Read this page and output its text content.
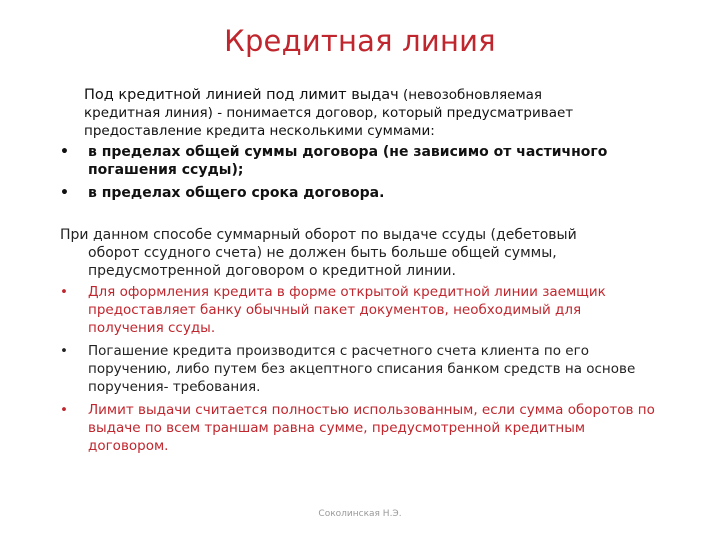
Кредитная линия
Под кредитной линией под лимит выдач (невозобновляемая
кредитная линия) - понимается договор, который предусматривает
предоставление кредита несколькими суммами:
• в пределах общей суммы договора (не зависимо от частичного погашения ссуды);
• в пределах общего срока договора.
При данном способе суммарный оборот по выдаче ссуды (дебетовый
оборот ссудного счета) не должен быть больше общей суммы, предусмотренной договором о кредитной линии.
• Для оформления кредита в форме открытой кредитной линии заемщик предоставляет банку обычный пакет документов, необходимый для получения ссуды.
• Погашение кредита производится с расчетного счета клиента по его поручению, либо путем без акцептного списания банком средств на основе поручения- требования.
• Лимит выдачи считается полностью использованным, если сумма оборотов по выдаче по всем траншам равна сумме, предусмотренной кредитным договором.
Соколинская Н.Э.
